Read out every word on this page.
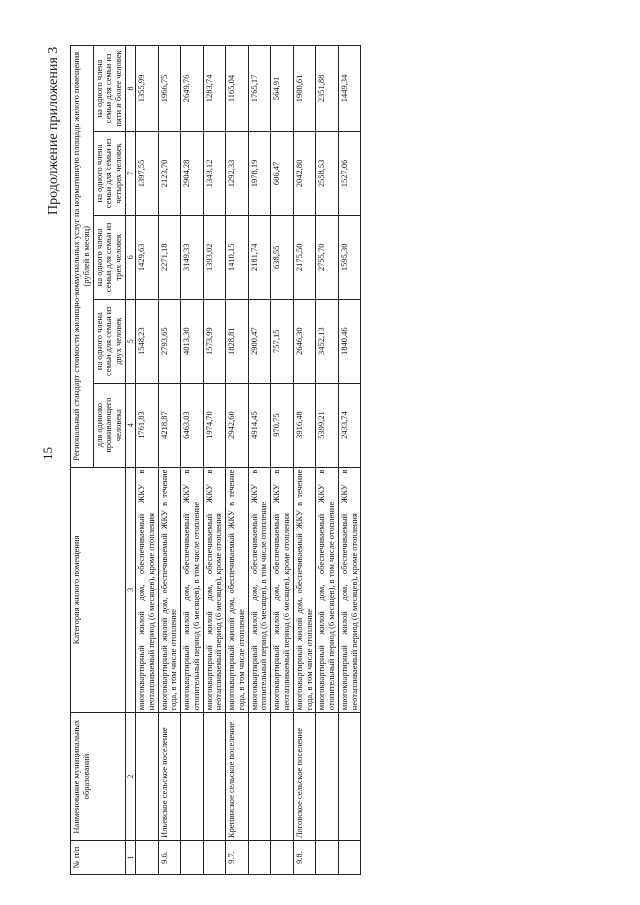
15
Продолжение приложения 3
№ п/п	Наименование муниципальных образований	Категория жилого помещения	Региональный стандарт стоимости жилищно-коммунальных услуг на нормативную площадь жилого помещения (рублей в месяц)				
			для одиноко проживающего человека	на одного члена семьи для семьи из двух человек	на одного члена семьи для семьи из трех человек	на одного члена семьи для семьи из четырех человек	на одного члена семьи для семьи из пяти и более человек
1	2	3	4	5	6	7	8
		многоквартирный жилой дом, обеспечиваемый ЖКУ в неотапливаемый период (6 месяцев), кроме отопления	1761,83	1548,23	1429,63	1397,55	1355,99
9.6.	Ильевское сельское поселение	многоквартирный жилой дом, обеспечиваемый ЖКУ в течение года, в том числе отопление	4218,87	2793,65	2271,18	2123,70	1966,75
		многоквартирный жилой дом, обеспечиваемый ЖКУ в отопительный период (6 месяцев), в том числе отопление	6463,03	4013,30	3149,33	2904,28	2649,76
		многоквартирный жилой дом, обеспечиваемый ЖКУ в неотапливаемый период (6 месяцев), кроме отопления	1974,70	1573,99	1393,02	1343,12	1283,74
9.7.	Крепинское сельское поселение	многоквартирный жилой дом, обеспечиваемый ЖКУ в течение года, в том числе отопление	2942,60	1828,81	1410,15	1292,33	1165,04
		многоквартирный жилой дом, обеспечиваемый ЖКУ в отопительный период (6 месяцев), в том числе отопление	4914,45	2900,47	2181,74	1978,19	1765,17
		многоквартирный жилой дом, обеспечиваемый ЖКУ в неотапливаемый период (6 месяцев), кроме отопления	970,75	757,15	638,55	606,47	564,91
9.8.	Логовское сельское поселение	многоквартирный жилой дом, обеспечиваемый ЖКУ в течение года, в том числе отопление	3916,48	2646,30	2175,50	2042,80	1900,61
		многоквартирный жилой дом, обеспечиваемый ЖКУ в отопительный период (6 месяцев), в том числе отопление	5399,21	3452,13	2755,70	2558,53	2351,88
		многоквартирный жилой дом, обеспечиваемый ЖКУ в неотапливаемый период (6 месяцев), кроме отопления	2433,74	1840,46	1595,30	1527,06	1449,34
